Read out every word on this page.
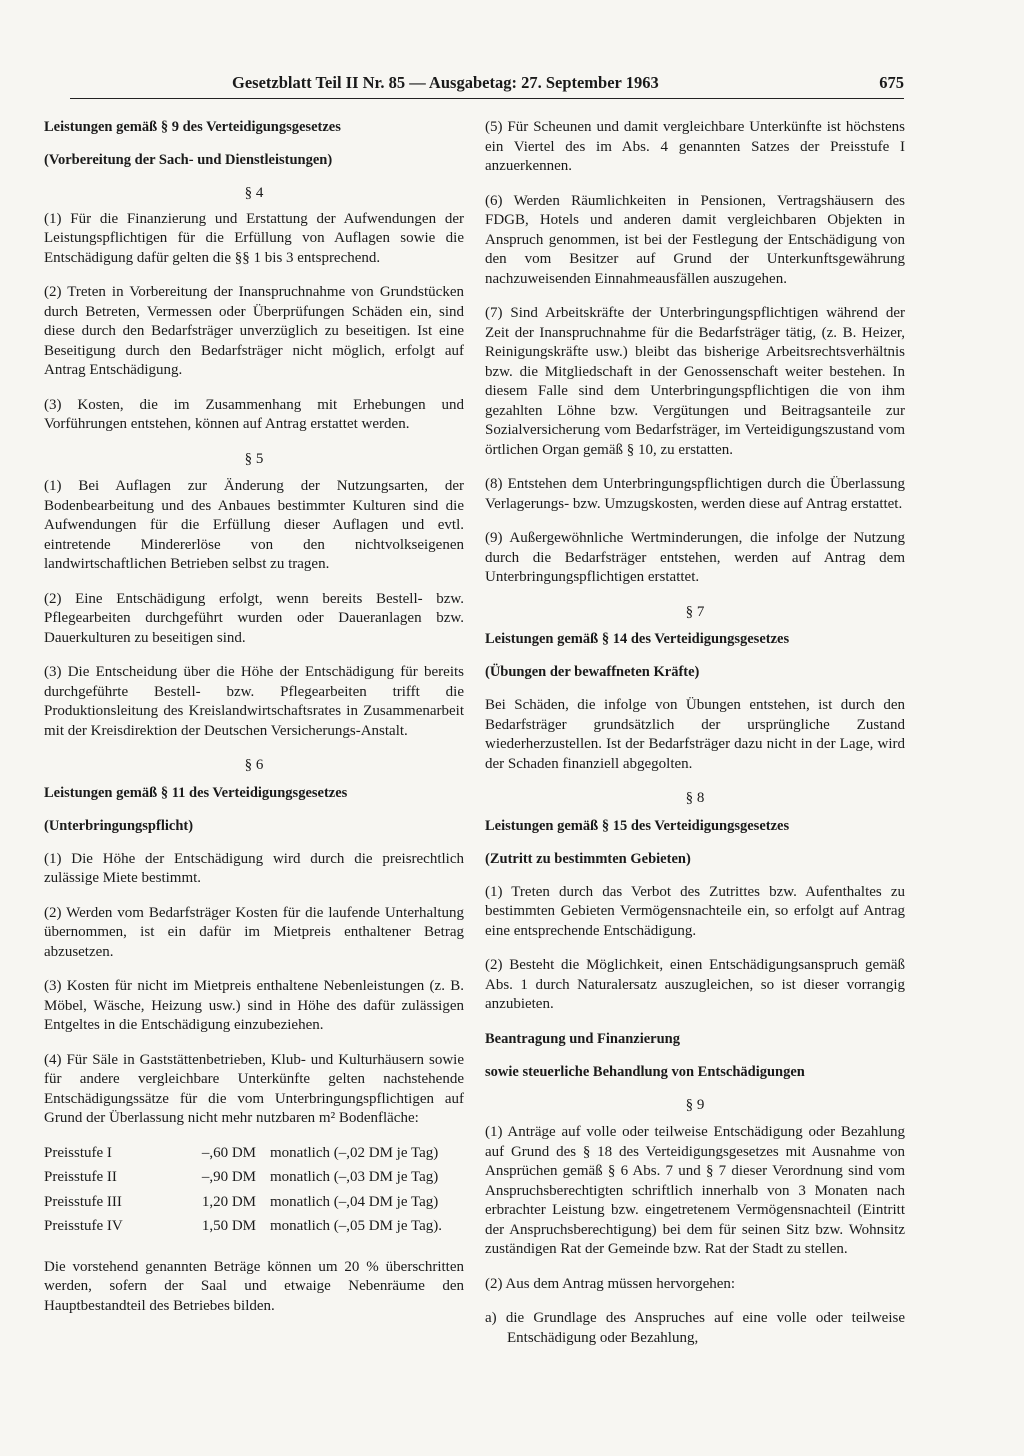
Gesetzblatt Teil II Nr. 85 — Ausgabetag: 27. September 1963	675

Leistungen gemäß § 9 des Verteidigungsgesetzes

(Vorbereitung der Sach- und Dienstleistungen)

§ 4

(1) Für die Finanzierung und Erstattung der Aufwendungen der Leistungspflichtigen für die Erfüllung von Auflagen sowie die Entschädigung dafür gelten die §§ 1 bis 3 entsprechend.

(2) Treten in Vorbereitung der Inanspruchnahme von Grundstücken durch Betreten, Vermessen oder Überprüfungen Schäden ein, sind diese durch den Bedarfsträger unverzüglich zu beseitigen. Ist eine Beseitigung durch den Bedarfsträger nicht möglich, erfolgt auf Antrag Entschädigung.

(3) Kosten, die im Zusammenhang mit Erhebungen und Vorführungen entstehen, können auf Antrag erstattet werden.

§ 5

(1) Bei Auflagen zur Änderung der Nutzungsarten, der Bodenbearbeitung und des Anbaues bestimmter Kulturen sind die Aufwendungen für die Erfüllung dieser Auflagen und evtl. eintretende Mindererlöse von den nichtvolkseigenen landwirtschaftlichen Betrieben selbst zu tragen.

(2) Eine Entschädigung erfolgt, wenn bereits Bestell- bzw. Pflegearbeiten durchgeführt wurden oder Daueranlagen bzw. Dauerkulturen zu beseitigen sind.

(3) Die Entscheidung über die Höhe der Entschädigung für bereits durchgeführte Bestell- bzw. Pflegearbeiten trifft die Produktionsleitung des Kreislandwirtschaftsrates in Zusammenarbeit mit der Kreisdirektion der Deutschen Versicherungs-Anstalt.

§ 6

Leistungen gemäß § 11 des Verteidigungsgesetzes

(Unterbringungspflicht)

(1) Die Höhe der Entschädigung wird durch die preisrechtlich zulässige Miete bestimmt.

(2) Werden vom Bedarfsträger Kosten für die laufende Unterhaltung übernommen, ist ein dafür im Mietpreis enthaltener Betrag abzusetzen.

(3) Kosten für nicht im Mietpreis enthaltene Nebenleistungen (z. B. Möbel, Wäsche, Heizung usw.) sind in Höhe des dafür zulässigen Entgeltes in die Entschädigung einzubeziehen.

(4) Für Säle in Gaststättenbetrieben, Klub- und Kulturhäusern sowie für andere vergleichbare Unterkünfte gelten nachstehende Entschädigungssätze für die vom Unterbringungspflichtigen auf Grund der Überlassung nicht mehr nutzbaren m² Bodenfläche:

Preisstufe I	–,60 DM	monatlich (–,02 DM je Tag)
Preisstufe II	–,90 DM	monatlich (–,03 DM je Tag)
Preisstufe III	1,20 DM	monatlich (–,04 DM je Tag)
Preisstufe IV	1,50 DM	monatlich (–,05 DM je Tag).

Die vorstehend genannten Beträge können um 20 % überschritten werden, sofern der Saal und etwaige Nebenräume den Hauptbestandteil des Betriebes bilden.

(5) Für Scheunen und damit vergleichbare Unterkünfte ist höchstens ein Viertel des im Abs. 4 genannten Satzes der Preisstufe I anzuerkennen.

(6) Werden Räumlichkeiten in Pensionen, Vertragshäusern des FDGB, Hotels und anderen damit vergleichbaren Objekten in Anspruch genommen, ist bei der Festlegung der Entschädigung von den vom Besitzer auf Grund der Unterkunftsgewährung nachzuweisenden Einnahmeausfällen auszugehen.

(7) Sind Arbeitskräfte der Unterbringungspflichtigen während der Zeit der Inanspruchnahme für die Bedarfsträger tätig, (z. B. Heizer, Reinigungskräfte usw.) bleibt das bisherige Arbeitsrechtsverhältnis bzw. die Mitgliedschaft in der Genossenschaft weiter bestehen. In diesem Falle sind dem Unterbringungspflichtigen die von ihm gezahlten Löhne bzw. Vergütungen und Beitragsanteile zur Sozialversicherung vom Bedarfsträger, im Verteidigungszustand vom örtlichen Organ gemäß § 10, zu erstatten.

(8) Entstehen dem Unterbringungspflichtigen durch die Überlassung Verlagerungs- bzw. Umzugskosten, werden diese auf Antrag erstattet.

(9) Außergewöhnliche Wertminderungen, die infolge der Nutzung durch die Bedarfsträger entstehen, werden auf Antrag dem Unterbringungspflichtigen erstattet.

§ 7

Leistungen gemäß § 14 des Verteidigungsgesetzes

(Übungen der bewaffneten Kräfte)

Bei Schäden, die infolge von Übungen entstehen, ist durch den Bedarfsträger grundsätzlich der ursprüngliche Zustand wiederherzustellen. Ist der Bedarfsträger dazu nicht in der Lage, wird der Schaden finanziell abgegolten.

§ 8

Leistungen gemäß § 15 des Verteidigungsgesetzes

(Zutritt zu bestimmten Gebieten)

(1) Treten durch das Verbot des Zutrittes bzw. Aufenthaltes zu bestimmten Gebieten Vermögensnachteile ein, so erfolgt auf Antrag eine entsprechende Entschädigung.

(2) Besteht die Möglichkeit, einen Entschädigungsanspruch gemäß Abs. 1 durch Naturalersatz auszugleichen, so ist dieser vorrangig anzubieten.

Beantragung und Finanzierung

sowie steuerliche Behandlung von Entschädigungen

§ 9

(1) Anträge auf volle oder teilweise Entschädigung oder Bezahlung auf Grund des § 18 des Verteidigungsgesetzes mit Ausnahme von Ansprüchen gemäß § 6 Abs. 7 und § 7 dieser Verordnung sind vom Anspruchsberechtigten schriftlich innerhalb von 3 Monaten nach erbrachter Leistung bzw. eingetretenem Vermögensnachteil (Eintritt der Anspruchsberechtigung) bei dem für seinen Sitz bzw. Wohnsitz zuständigen Rat der Gemeinde bzw. Rat der Stadt zu stellen.

(2) Aus dem Antrag müssen hervorgehen:

a) die Grundlage des Anspruches auf eine volle oder teilweise Entschädigung oder Bezahlung,
